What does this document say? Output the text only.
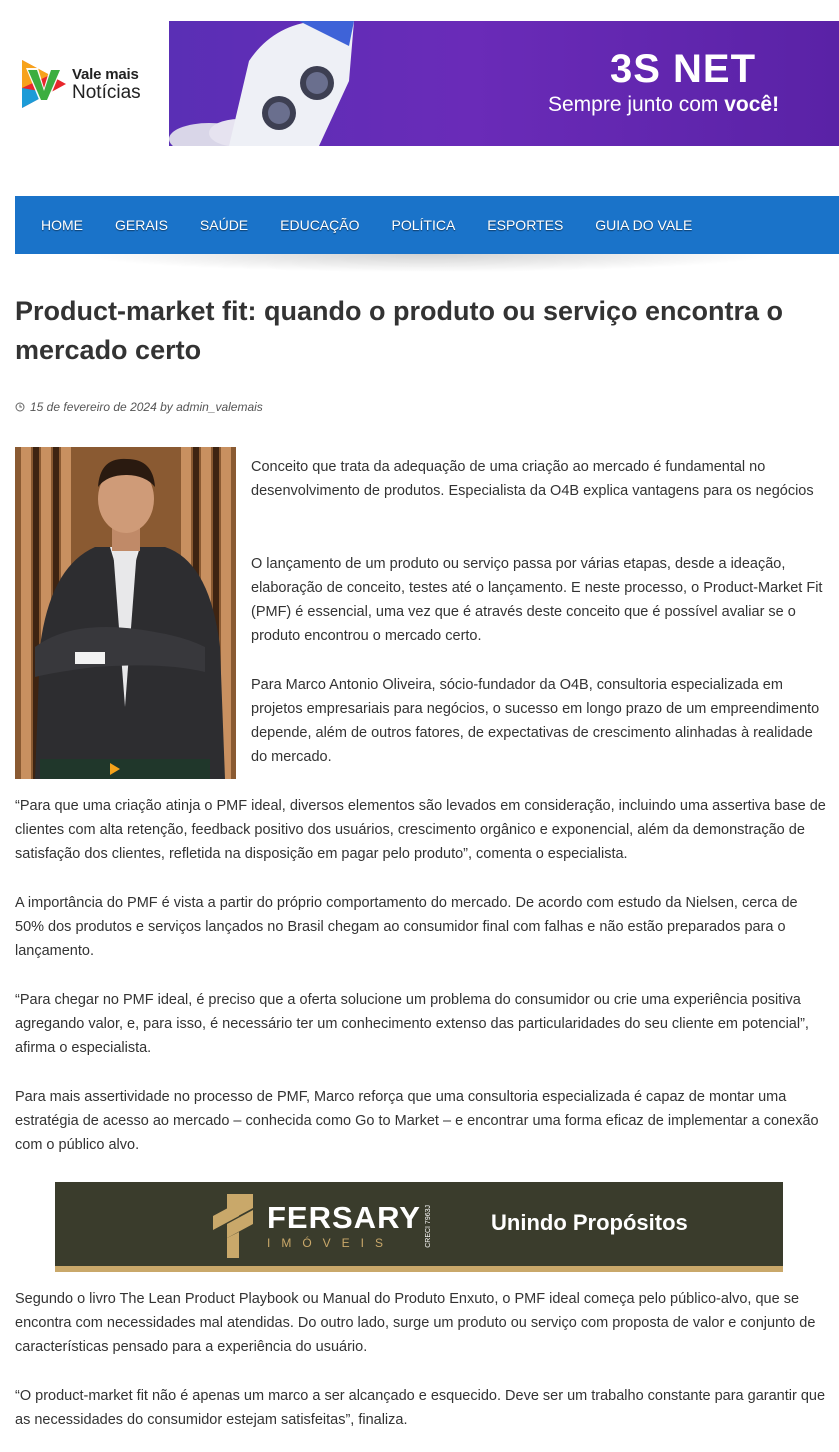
Vale mais
Notícias
3S NET
Sempre junto com você!
HOME	GERAIS	SAÚDE	EDUCAÇÃO	POLÍTICA	ESPORTES	GUIA DO VALE
Product-market fit: quando o produto ou serviço encontra o mercado certo
15 de fevereiro de 2024 by admin_valemais

Conceito que trata da adequação de uma criação ao mercado é fundamental no desenvolvimento de produtos. Especialista da O4B explica vantagens para os negócios

O lançamento de um produto ou serviço passa por várias etapas, desde a ideação, elaboração de conceito, testes até o lançamento. E neste processo, o Product-Market Fit (PMF) é essencial, uma vez que é através deste conceito que é possível avaliar se o produto encontrou o mercado certo.

Para Marco Antonio Oliveira, sócio-fundador da O4B, consultoria especializada em projetos empresariais para negócios, o sucesso em longo prazo de um empreendimento depende, além de outros fatores, de expectativas de crescimento alinhadas à realidade do mercado.

“Para que uma criação atinja o PMF ideal, diversos elementos são levados em consideração, incluindo uma assertiva base de clientes com alta retenção, feedback positivo dos usuários, crescimento orgânico e exponencial, além da demonstração de satisfação dos clientes, refletida na disposição em pagar pelo produto”, comenta o especialista.

A importância do PMF é vista a partir do próprio comportamento do mercado. De acordo com estudo da Nielsen, cerca de 50% dos produtos e serviços lançados no Brasil chegam ao consumidor final com falhas e não estão preparados para o lançamento.

“Para chegar no PMF ideal, é preciso que a oferta solucione um problema do consumidor ou crie uma experiência positiva agregando valor, e, para isso, é necessário ter um conhecimento extenso das particularidades do seu cliente em potencial”, afirma o especialista.

Para mais assertividade no processo de PMF, Marco reforça que uma consultoria especializada é capaz de montar uma estratégia de acesso ao mercado – conhecida como Go to Market – e encontrar uma forma eficaz de implementar a conexão com o público alvo.

FERSARY
IMÓVEIS	CRECI 7963J	Unindo Propósitos

Segundo o livro The Lean Product Playbook ou Manual do Produto Enxuto, o PMF ideal começa pelo público-alvo, que se encontra com necessidades mal atendidas. Do outro lado, surge um produto ou serviço com proposta de valor e conjunto de características pensado para a experiência do usuário.

“O product-market fit não é apenas um marco a ser alcançado e esquecido. Deve ser um trabalho constante para garantir que as necessidades do consumidor estejam satisfeitas”, finaliza.
